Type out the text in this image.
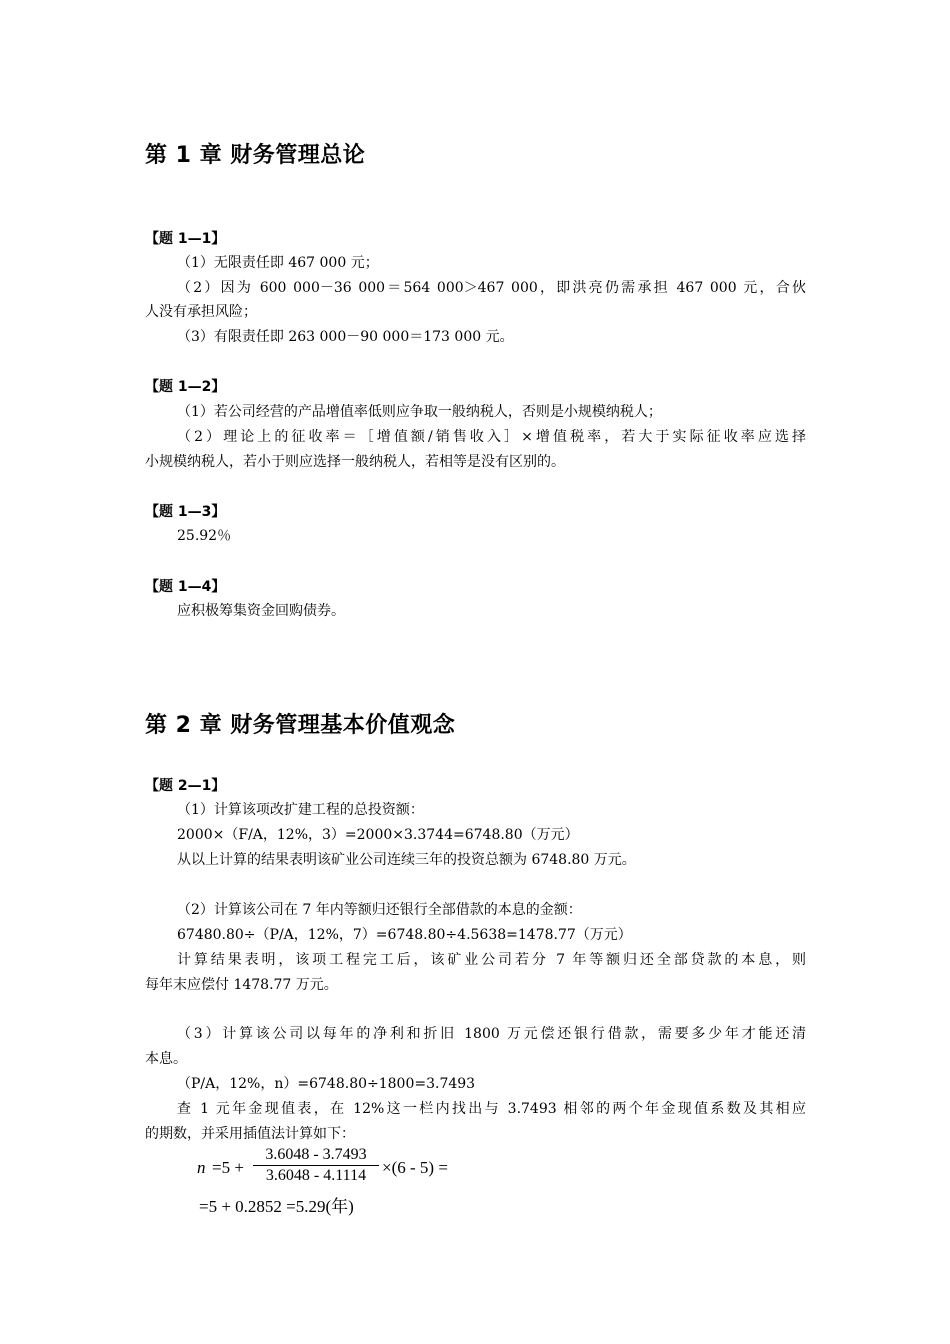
第 1 章 财务管理总论
【题 1—1】
（1）无限责任即 467 000 元；
（2）因为 600 000－36 000＝564 000＞467 000，即洪亮仍需承担 467 000 元，合伙
人没有承担风险；
（3）有限责任即 263 000－90 000＝173 000 元。
【题 1—2】
（1）若公司经营的产品增值率低则应争取一般纳税人，否则是小规模纳税人；
（2）理论上的征收率＝［增值额/销售收入］×增值税率，若大于实际征收率应选择
小规模纳税人，若小于则应选择一般纳税人，若相等是没有区别的。
【题 1—3】
25.92％
【题 1—4】
应积极筹集资金回购债券。
第 2 章 财务管理基本价值观念
【题 2—1】
（1）计算该项改扩建工程的总投资额：
2000×（F/A，12%，3）=2000×3.3744=6748.80（万元）
从以上计算的结果表明该矿业公司连续三年的投资总额为 6748.80 万元。
（2）计算该公司在 7 年内等额归还银行全部借款的本息的金额：
67480.80÷（P/A，12%，7）=6748.80÷4.5638=1478.77（万元）
计算结果表明，该项工程完工后，该矿业公司若分 7 年等额归还全部贷款的本息，则
每年末应偿付 1478.77 万元。
（3）计算该公司以每年的净利和折旧 1800 万元偿还银行借款，需要多少年才能还清
本息。
（P/A，12%，n）=6748.80÷1800=3.7493
查 1 元年金现值表，在 12%这一栏内找出与 3.7493 相邻的两个年金现值系数及其相应
的期数，并采用插值法计算如下：
n =5 +
3.6048 - 3.7493
3.6048 - 4.1114 ×(6 - 5) =
=5 + 0.2852 =5.29(年)
